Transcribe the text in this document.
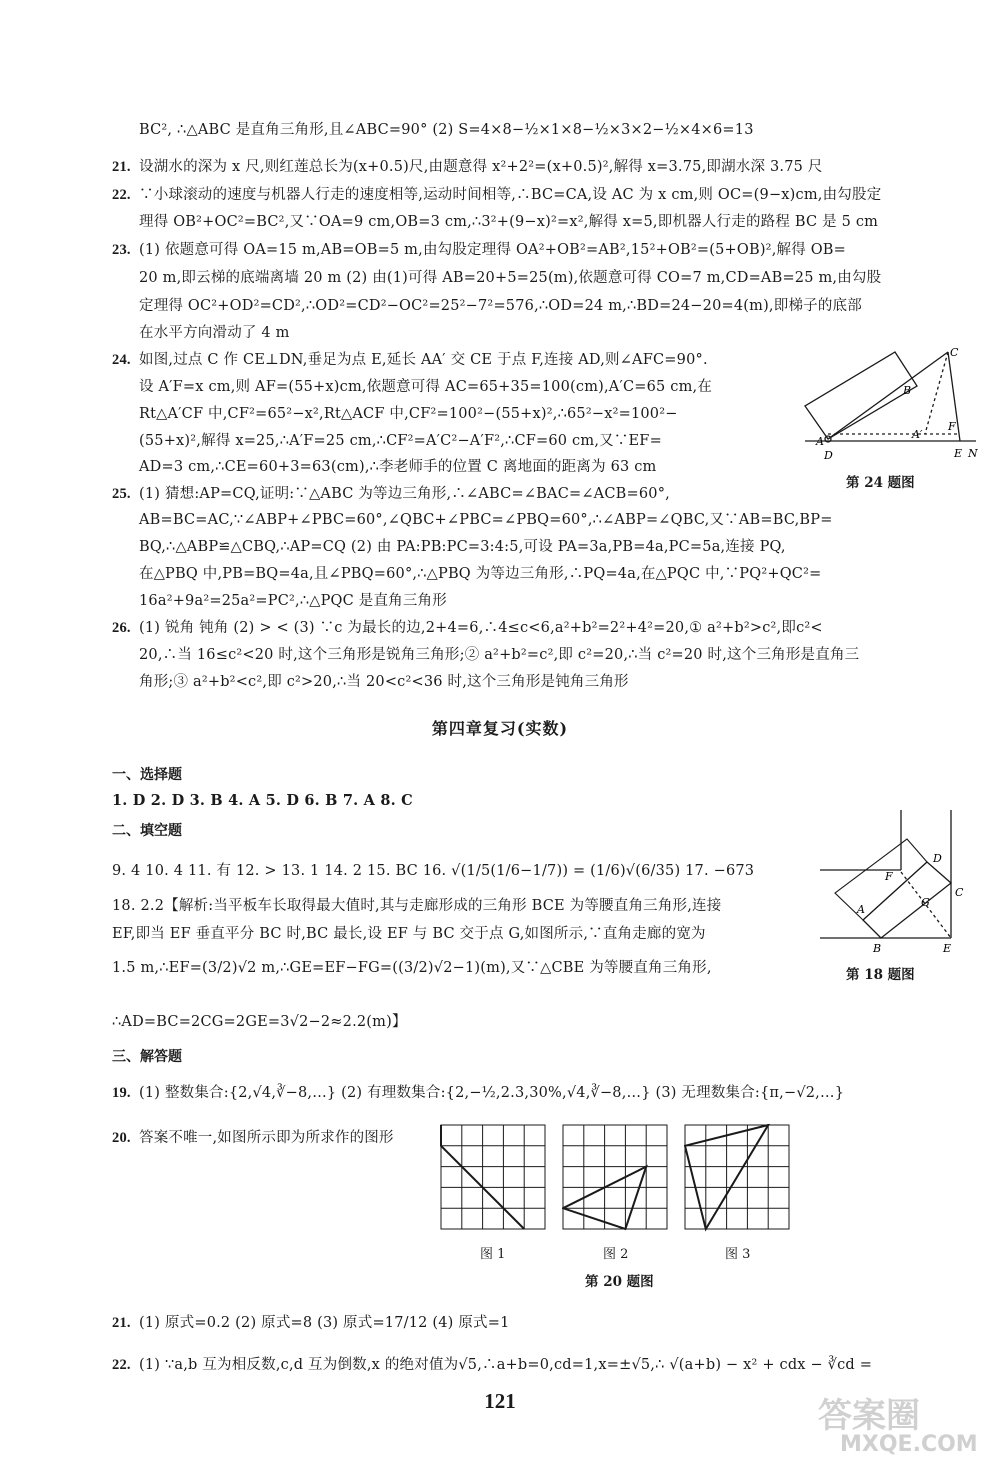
BC², ∴△ABC 是直角三角形,且∠ABC=90° (2) S=4×8−½×1×8−½×3×2−½×4×6=13
21. 设湖水的深为 x 尺,则红莲总长为(x+0.5)尺,由题意得 x²+2²=(x+0.5)²,解得 x=3.75,即湖水深 3.75 尺
22. ∵小球滚动的速度与机器人行走的速度相等,运动时间相等,∴BC=CA,设 AC 为 x cm,则 OC=(9−x)cm,由勾股定
理得 OB²+OC²=BC²,又∵OA=9 cm,OB=3 cm,∴3²+(9−x)²=x²,解得 x=5,即机器人行走的路程 BC 是 5 cm
23. (1) 依题意可得 OA=15 m,AB=OB=5 m,由勾股定理得 OA²+OB²=AB²,15²+OB²=(5+OB)²,解得 OB=
20 m,即云梯的底端离墙 20 m (2) 由(1)可得 AB=20+5=25(m),依题意可得 CO=7 m,CD=AB=25 m,由勾股
定理得 OC²+OD²=CD²,∴OD²=CD²−OC²=25²−7²=576,∴OD=24 m,∴BD=24−20=4(m),即梯子的底部
在水平方向滑动了 4 m
24. 如图,过点 C 作 CE⊥DN,垂足为点 E,延长 AA′ 交 CE 于点 F,连接 AD,则∠AFC=90°.
设 A′F=x cm,则 AF=(55+x)cm,依题意可得 AC=65+35=100(cm),A′C=65 cm,在
Rt△A′CF 中,CF²=65²−x²,Rt△ACF 中,CF²=100²−(55+x)²,∴65²−x²=100²−
(55+x)²,解得 x=25,∴A′F=25 cm,∴CF²=A′C²−A′F²,∴CF=60 cm,又∵EF=
AD=3 cm,∴CE=60+3=63(cm),∴李老师手的位置 C 离地面的距离为 63 cm
C
B
A
A′
F
D	E N
第 24 题图
25. (1) 猜想:AP=CQ,证明:∵△ABC 为等边三角形,∴∠ABC=∠BAC=∠ACB=60°,
AB=BC=AC,∵∠ABP+∠PBC=60°,∠QBC+∠PBC=∠PBQ=60°,∴∠ABP=∠QBC,又∵AB=BC,BP=
BQ,∴△ABP≌△CBQ,∴AP=CQ (2) 由 PA:PB:PC=3:4:5,可设 PA=3a,PB=4a,PC=5a,连接 PQ,
在△PBQ 中,PB=BQ=4a,且∠PBQ=60°,∴△PBQ 为等边三角形,∴PQ=4a,在△PQC 中,∵PQ²+QC²=
16a²+9a²=25a²=PC²,∴△PQC 是直角三角形
26. (1) 锐角 钝角 (2) > < (3) ∵c 为最长的边,2+4=6,∴4≤c<6,a²+b²=2²+4²=20,① a²+b²>c²,即c²<
20,∴当 16≤c²<20 时,这个三角形是锐角三角形;② a²+b²=c²,即 c²=20,∴当 c²=20 时,这个三角形是直角三
角形;③ a²+b²<c²,即 c²>20,∴当 20<c²<36 时,这个三角形是钝角三角形
第四章复习(实数)
一、选择题
1. D 2. D 3. B 4. A 5. D 6. B 7. A 8. C
二、填空题
9. 4 10. 4 11. 有 12. > 13. 1 14. 2 15. BC 16. √(1/5(1/6−1/7)) = (1/6)√(6/35) 17. −673
18. 2.2【解析:当平板车长取得最大值时,其与走廊形成的三角形 BCE 为等腰直角三角形,连接
EF,即当 EF 垂直平分 BC 时,BC 最长,设 EF 与 BC 交于点 G,如图所示,∵直角走廊的宽为
1.5 m,∴EF=(3/2)√2 m,∴GE=EF−FG=((3/2)√2−1)(m),又∵△CBE 为等腰直角三角形,
∴AD=BC=2CG=2GE=3√2−2≈2.2(m)】
D
F
C
G
A
B	E
第 18 题图
三、解答题
19. (1) 整数集合:{2,√4,∛−8,…} (2) 有理数集合:{2,−½,2.3,30%,√4,∛−8,…} (3) 无理数集合:{π,−√2,…}
20. 答案不唯一,如图所示即为所求作的图形
图 1	图 2	图 3
第 20 题图
21. (1) 原式=0.2 (2) 原式=8 (3) 原式=17/12 (4) 原式=1
22. (1) ∵a,b 互为相反数,c,d 互为倒数,x 的绝对值为√5,∴a+b=0,cd=1,x=±√5,∴ √(a+b) − x² + cdx − ∛cd =
121	答案圈
MXQE.COM
